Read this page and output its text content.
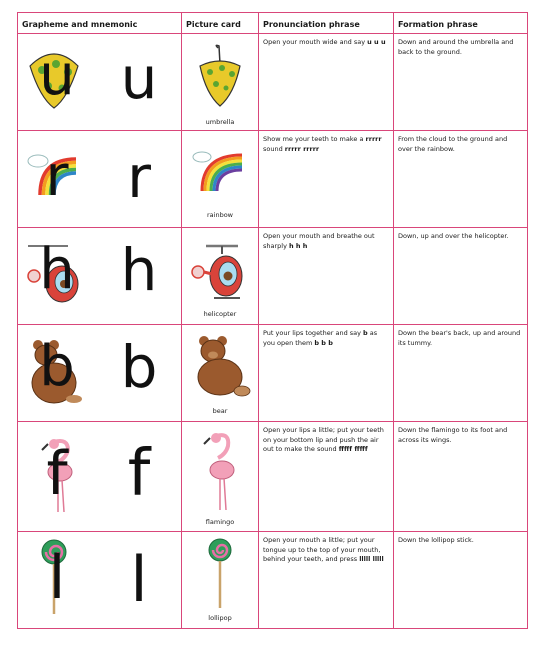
Grapheme and mnemonic	Picture card	Pronunciation phrase	Formation phrase

u u	umbrella	Open your mouth wide and say u u u	Down and around the umbrella and back to the ground.

r r	rainbow	Show me your teeth to make a rrrrr sound rrrrr rrrrr	From the cloud to the ground and over the rainbow.

h h	helicopter	Open your mouth and breathe out sharply h h h	Down, up and over the helicopter.

b b	bear	Put your lips together and say b as you open them b b b	Down the bear's back, up and around its tummy.

f f	flamingo	Open your lips a little; put your teeth on your bottom lip and push the air out to make the sound fffff fffff	Down the flamingo to its foot and across its wings.

l l	lollipop	Open your mouth a little; put your tongue up to the top of your mouth, behind your teeth, and press lllll lllll	Down the lollipop stick.
